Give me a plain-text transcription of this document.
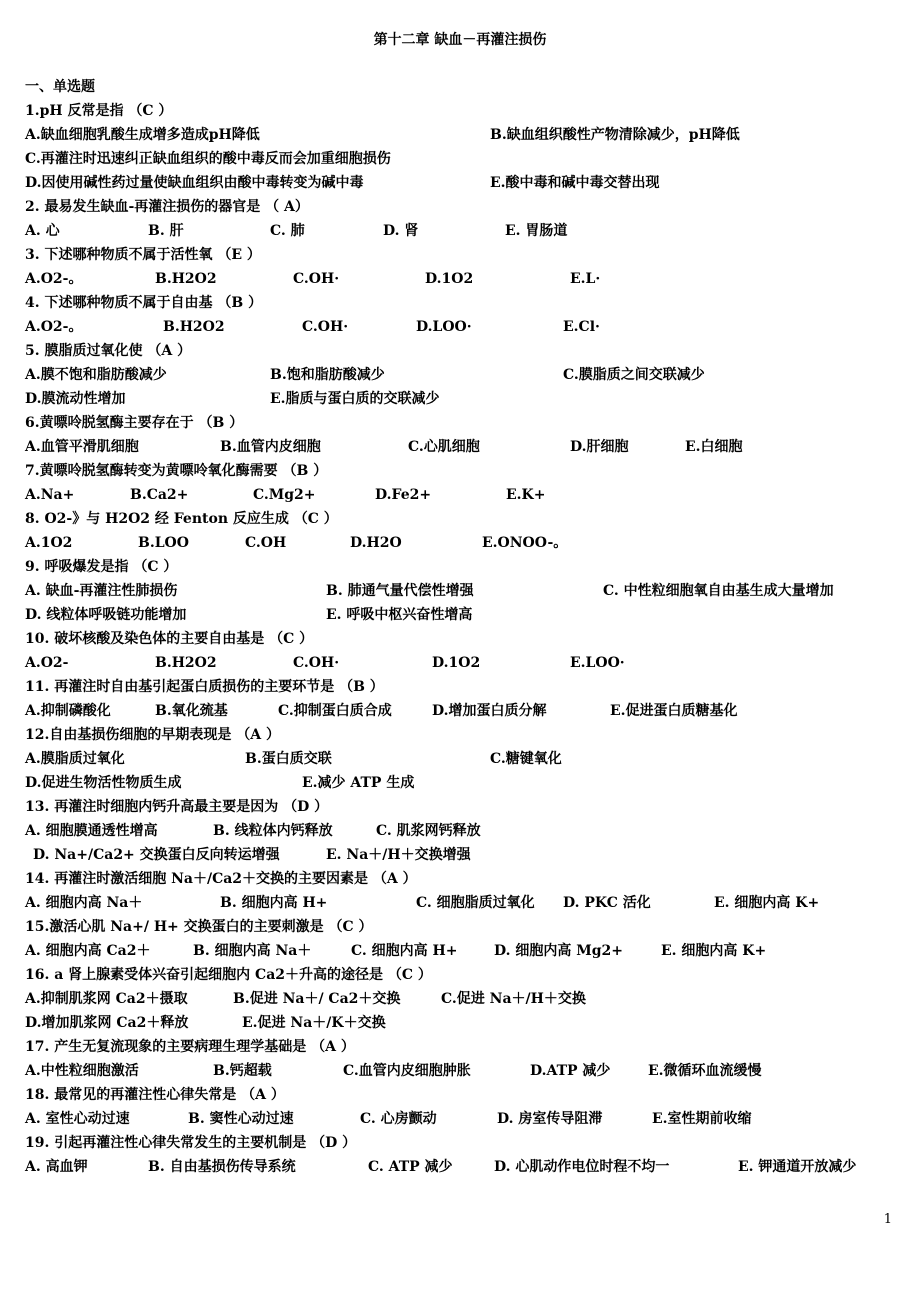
第十二章 缺血－再灌注损伤
一、单选题
1.pH 反常是指 （C ）
A.缺血细胞乳酸生成增多造成pH降低	B.缺血组织酸性产物清除减少，pH降低
C.再灌注时迅速纠正缺血组织的酸中毒反而会加重细胞损伤
D.因使用碱性药过量使缺血组织由酸中毒转变为碱中毒	E.酸中毒和碱中毒交替出现
2. 最易发生缺血-再灌注损伤的器官是 （ A）
A. 心	B. 肝	C. 肺	D. 肾	E. 胃肠道
3. 下述哪种物质不属于活性氧 （E ）
A.O2-。	B.H2O2	C.OH·	D.1O2	E.L·
4. 下述哪种物质不属于自由基 （B ）
A.O2-。	B.H2O2	C.OH·	D.LOO·	E.Cl·
5. 膜脂质过氧化使 （A ）
A.膜不饱和脂肪酸减少	B.饱和脂肪酸减少	C.膜脂质之间交联减少
D.膜流动性增加	E.脂质与蛋白质的交联减少
6.黄嘌呤脱氢酶主要存在于 （B ）
A.血管平滑肌细胞	B.血管内皮细胞	C.心肌细胞	D.肝细胞	E.白细胞
7.黄嘌呤脱氢酶转变为黄嘌呤氧化酶需要 （B ）
A.Na+	B.Ca2+	C.Mg2+	D.Fe2+	E.K+
8. O2-》与 H2O2 经 Fenton 反应生成 （C ）
A.1O2	B.LOO	C.OH	D.H2O	E.ONOO-。
9. 呼吸爆发是指 （C ）
A. 缺血-再灌注性肺损伤	B. 肺通气量代偿性增强	C. 中性粒细胞氧自由基生成大量增加
D. 线粒体呼吸链功能增加	E. 呼吸中枢兴奋性增高
10. 破坏核酸及染色体的主要自由基是 （C ）
A.O2-	B.H2O2	C.OH·	D.1O2	E.LOO·
11. 再灌注时自由基引起蛋白质损伤的主要环节是 （B ）
A.抑制磷酸化	B.氧化巯基	C.抑制蛋白质合成	D.增加蛋白质分解	E.促进蛋白质糖基化
12.自由基损伤细胞的早期表现是 （A ）
A.膜脂质过氧化	B.蛋白质交联	C.糖键氧化
D.促进生物活性物质生成	E.减少 ATP 生成
13. 再灌注时细胞内钙升高最主要是因为 （D ）
A. 细胞膜通透性增高	B. 线粒体内钙释放	C. 肌浆网钙释放
D. Na+/Ca2+ 交换蛋白反向转运增强	E. Na＋/H＋交换增强
14. 再灌注时激活细胞 Na＋/Ca2＋交换的主要因素是 （A ）
A. 细胞内高 Na＋	B. 细胞内高 H+	C. 细胞脂质过氧化 D. PKC 活化	E. 细胞内高 K+
15.激活心肌 Na+/ H+ 交换蛋白的主要刺激是 （C ）
A. 细胞内高 Ca2＋	B. 细胞内高 Na＋	C. 细胞内高 H+	D. 细胞内高 Mg2+	E. 细胞内高 K+
16. a 肾上腺素受体兴奋引起细胞内 Ca2＋升高的途径是 （C ）
A.抑制肌浆网 Ca2＋摄取	B.促进 Na＋/ Ca2＋交换	C.促进 Na＋/H＋交换
D.增加肌浆网 Ca2＋释放	E.促进 Na＋/K＋交换
17. 产生无复流现象的主要病理生理学基础是 （A ）
A.中性粒细胞激活	B.钙超载	C.血管内皮细胞肿胀	D.ATP 减少	E.微循环血流缓慢
18. 最常见的再灌注性心律失常是 （A ）
A. 室性心动过速	B. 窦性心动过速	C. 心房颤动	D. 房室传导阻滞	E.室性期前收缩
A. 高血钾	B. 自由基损伤传导系统	C. ATP 减少	D. 心肌动作电位时程不均一	E. 钾通道开放减少
19. 引起再灌注性心律失常发生的主要机制是 （D ）
1
